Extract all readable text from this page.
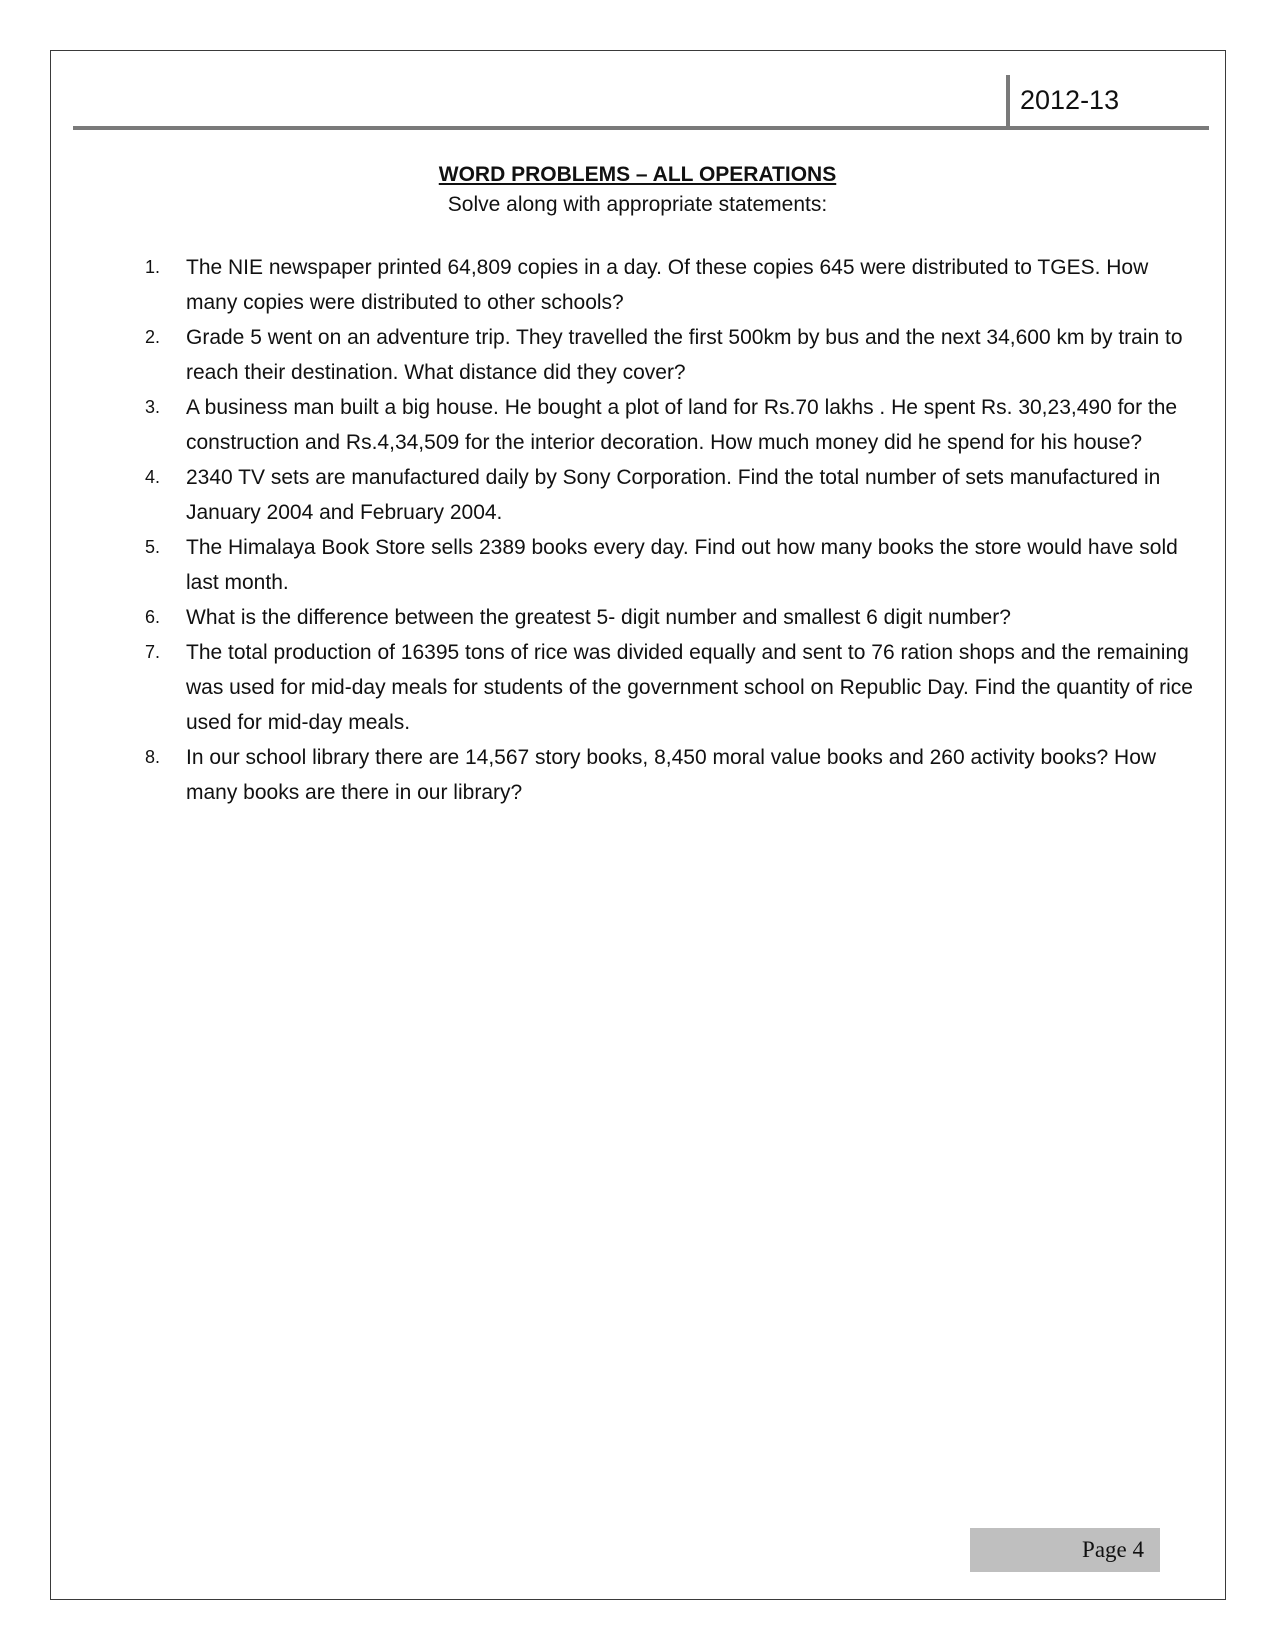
2012-13
WORD PROBLEMS – ALL OPERATIONS
Solve along with appropriate statements:
1. The NIE newspaper printed 64,809 copies in a day. Of these copies 645 were distributed to TGES. How many copies were distributed to other schools?
2. Grade 5 went on an adventure trip. They travelled the first 500km by bus and the next 34,600 km by train to reach their destination. What distance did they cover?
3. A business man built a big house. He bought a plot of land for Rs.70 lakhs . He spent Rs. 30,23,490 for the construction and Rs.4,34,509 for the interior decoration. How much money did he spend for his house?
4. 2340 TV sets are manufactured daily by Sony Corporation. Find the total number of sets manufactured in January 2004 and February 2004.
5. The Himalaya Book Store sells 2389 books every day. Find out how many books the store would have sold last month.
6. What is the difference between the greatest 5- digit number and smallest 6 digit number?
7. The total production of 16395 tons of rice was divided equally and sent to 76 ration shops and the remaining was used for mid-day meals for students of the government school on Republic Day. Find the quantity of rice used for mid-day meals.
8. In our school library there are 14,567 story books, 8,450 moral value books and 260 activity books? How many books are there in our library?
Page 4
